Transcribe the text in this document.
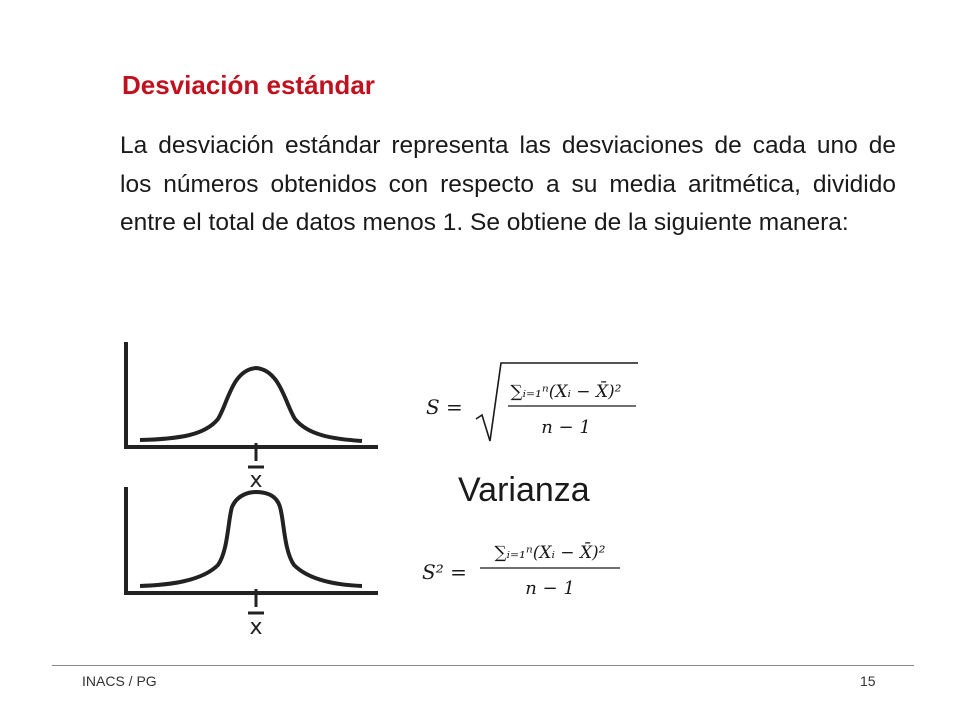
Desviación estándar
La desviación estándar representa las desviaciones de cada uno de los números obtenidos con respecto a su media aritmética, dividido entre el total de datos menos 1. Se obtiene de la siguiente manera:
x
x
S =
∑ᵢ₌₁ⁿ(Xᵢ − X̄)²
n − 1
Varianza
S² =
∑ᵢ₌₁ⁿ(Xᵢ − X̄)²
n − 1
INACS / PG	15
